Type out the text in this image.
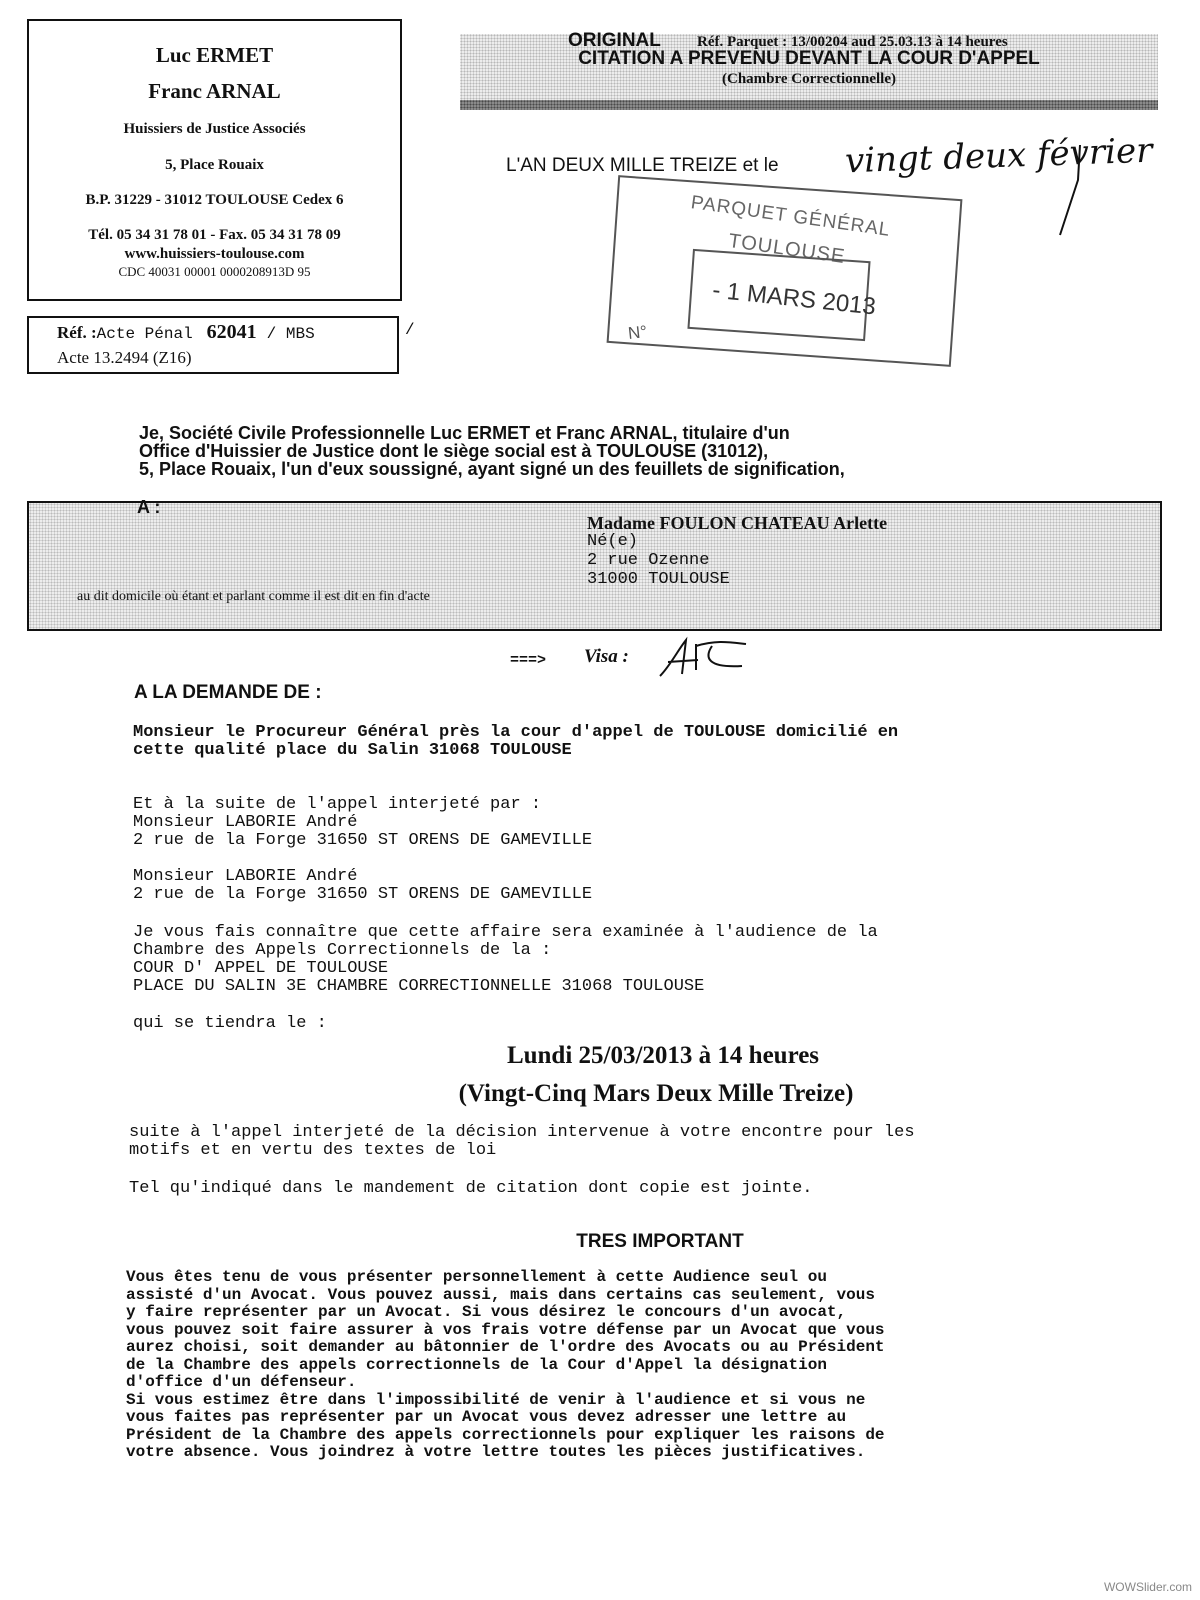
Luc ERMET
Franc ARNAL
Huissiers de Justice Associés
5, Place Rouaix
B.P. 31229 - 31012 TOULOUSE Cedex 6
Tél. 05 34 31 78 01 - Fax. 05 34 31 78 09
www.huissiers-toulouse.com
CDC 40031 00001 0000208913D 95
Réf. :Acte Pénal 62041 / MBS	/
Acte 13.2494 (Z16)
ORIGINAL Réf. Parquet : 13/00204 aud 25.03.13 à 14 heures
CITATION A PREVENU DEVANT LA COUR D'APPEL
(Chambre Correctionnelle)
L'AN DEUX MILLE TREIZE et le vingt deux février
PARQUET GÉNÉRAL
TOULOUSE
- 1 MARS 2013
N°
Je, Société Civile Professionnelle Luc ERMET et Franc ARNAL, titulaire d'un
Office d'Huissier de Justice dont le siège social est à TOULOUSE (31012),
5, Place Rouaix, l'un d'eux soussigné, ayant signé un des feuillets de signification,
A :
Madame FOULON CHATEAU Arlette
Né(e)
2 rue Ozenne
31000 TOULOUSE
au dit domicile où étant et parlant comme il est dit en fin d'acte
===> Visa :
A LA DEMANDE DE :
Monsieur le Procureur Général près la cour d'appel de TOULOUSE domicilié en
cette qualité place du Salin 31068 TOULOUSE
Et à la suite de l'appel interjeté par :
Monsieur LABORIE André
2 rue de la Forge 31650 ST ORENS DE GAMEVILLE
Monsieur LABORIE André
2 rue de la Forge 31650 ST ORENS DE GAMEVILLE
Je vous fais connaître que cette affaire sera examinée à l'audience de la
Chambre des Appels Correctionnels de la :
COUR D' APPEL DE TOULOUSE
PLACE DU SALIN 3E CHAMBRE CORRECTIONNELLE 31068 TOULOUSE
qui se tiendra le :
Lundi 25/03/2013 à 14 heures
(Vingt-Cinq Mars Deux Mille Treize)
suite à l'appel interjeté de la décision intervenue à votre encontre pour les
motifs et en vertu des textes de loi
Tel qu'indiqué dans le mandement de citation dont copie est jointe.
TRES IMPORTANT
Vous êtes tenu de vous présenter personnellement à cette Audience seul ou
assisté d'un Avocat. Vous pouvez aussi, mais dans certains cas seulement, vous
y faire représenter par un Avocat. Si vous désirez le concours d'un avocat,
vous pouvez soit faire assurer à vos frais votre défense par un Avocat que vous
aurez choisi, soit demander au bâtonnier de l'ordre des Avocats ou au Président
de la Chambre des appels correctionnels de la Cour d'Appel la désignation
d'office d'un défenseur.
Si vous estimez être dans l'impossibilité de venir à l'audience et si vous ne
vous faites pas représenter par un Avocat vous devez adresser une lettre au
Président de la Chambre des appels correctionnels pour expliquer les raisons de
votre absence. Vous joindrez à votre lettre toutes les pièces justificatives.
WOWSlider.com
